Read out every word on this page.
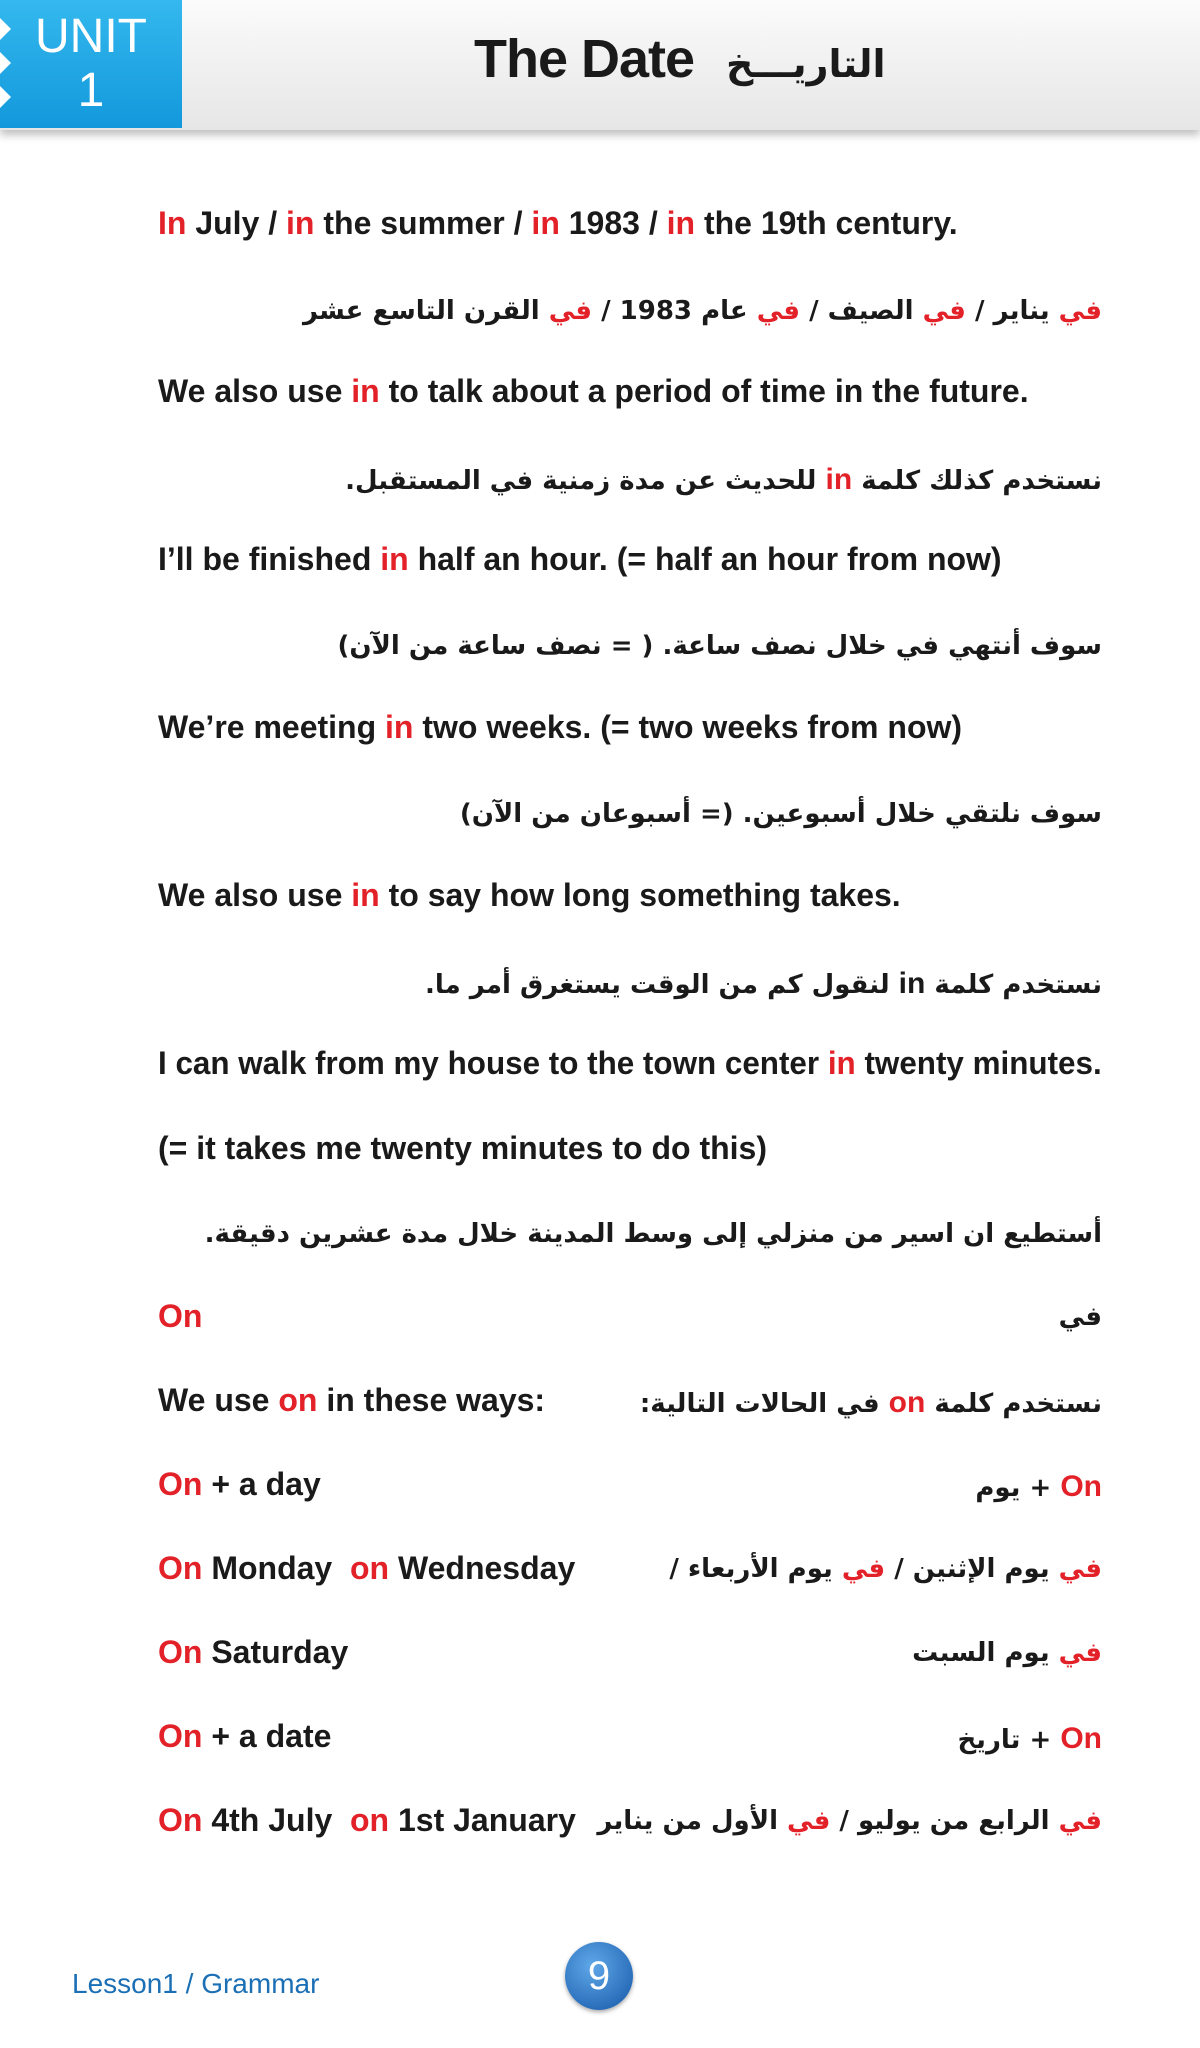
UNIT
1
The Date التاريـــخ
In July / in the summer / in 1983 / in the 19th century.
في يناير / في الصيف / في عام 1983 / في القرن التاسع عشر
We also use in to talk about a period of time in the future.
نستخدم كذلك كلمة in للحديث عن مدة زمنية في المستقبل.
I’ll be finished in half an hour. (= half an hour from now)
سوف أنتهي في خلال نصف ساعة. ( = نصف ساعة من الآن)
We’re meeting in two weeks. (= two weeks from now)
سوف نلتقي خلال أسبوعين. (= أسبوعان من الآن)
We also use in to say how long something takes.
نستخدم كلمة in لنقول كم من الوقت يستغرق أمر ما.
I can walk from my house to the town center in twenty minutes.
(= it takes me twenty minutes to do this)
أستطيع ان اسير من منزلي إلى وسط المدينة خلال مدة عشرين دقيقة.
On	في
We use on in these ways:	نستخدم كلمة on في الحالات التالية:
On + a day	On + يوم
On Monday on Wednesday	في يوم الإثنين / في يوم الأربعاء /
On Saturday	في يوم السبت
On + a date	On + تاريخ
On 4th July on 1st January	في الرابع من يوليو / في الأول من يناير
Lesson1 / Grammar	9
